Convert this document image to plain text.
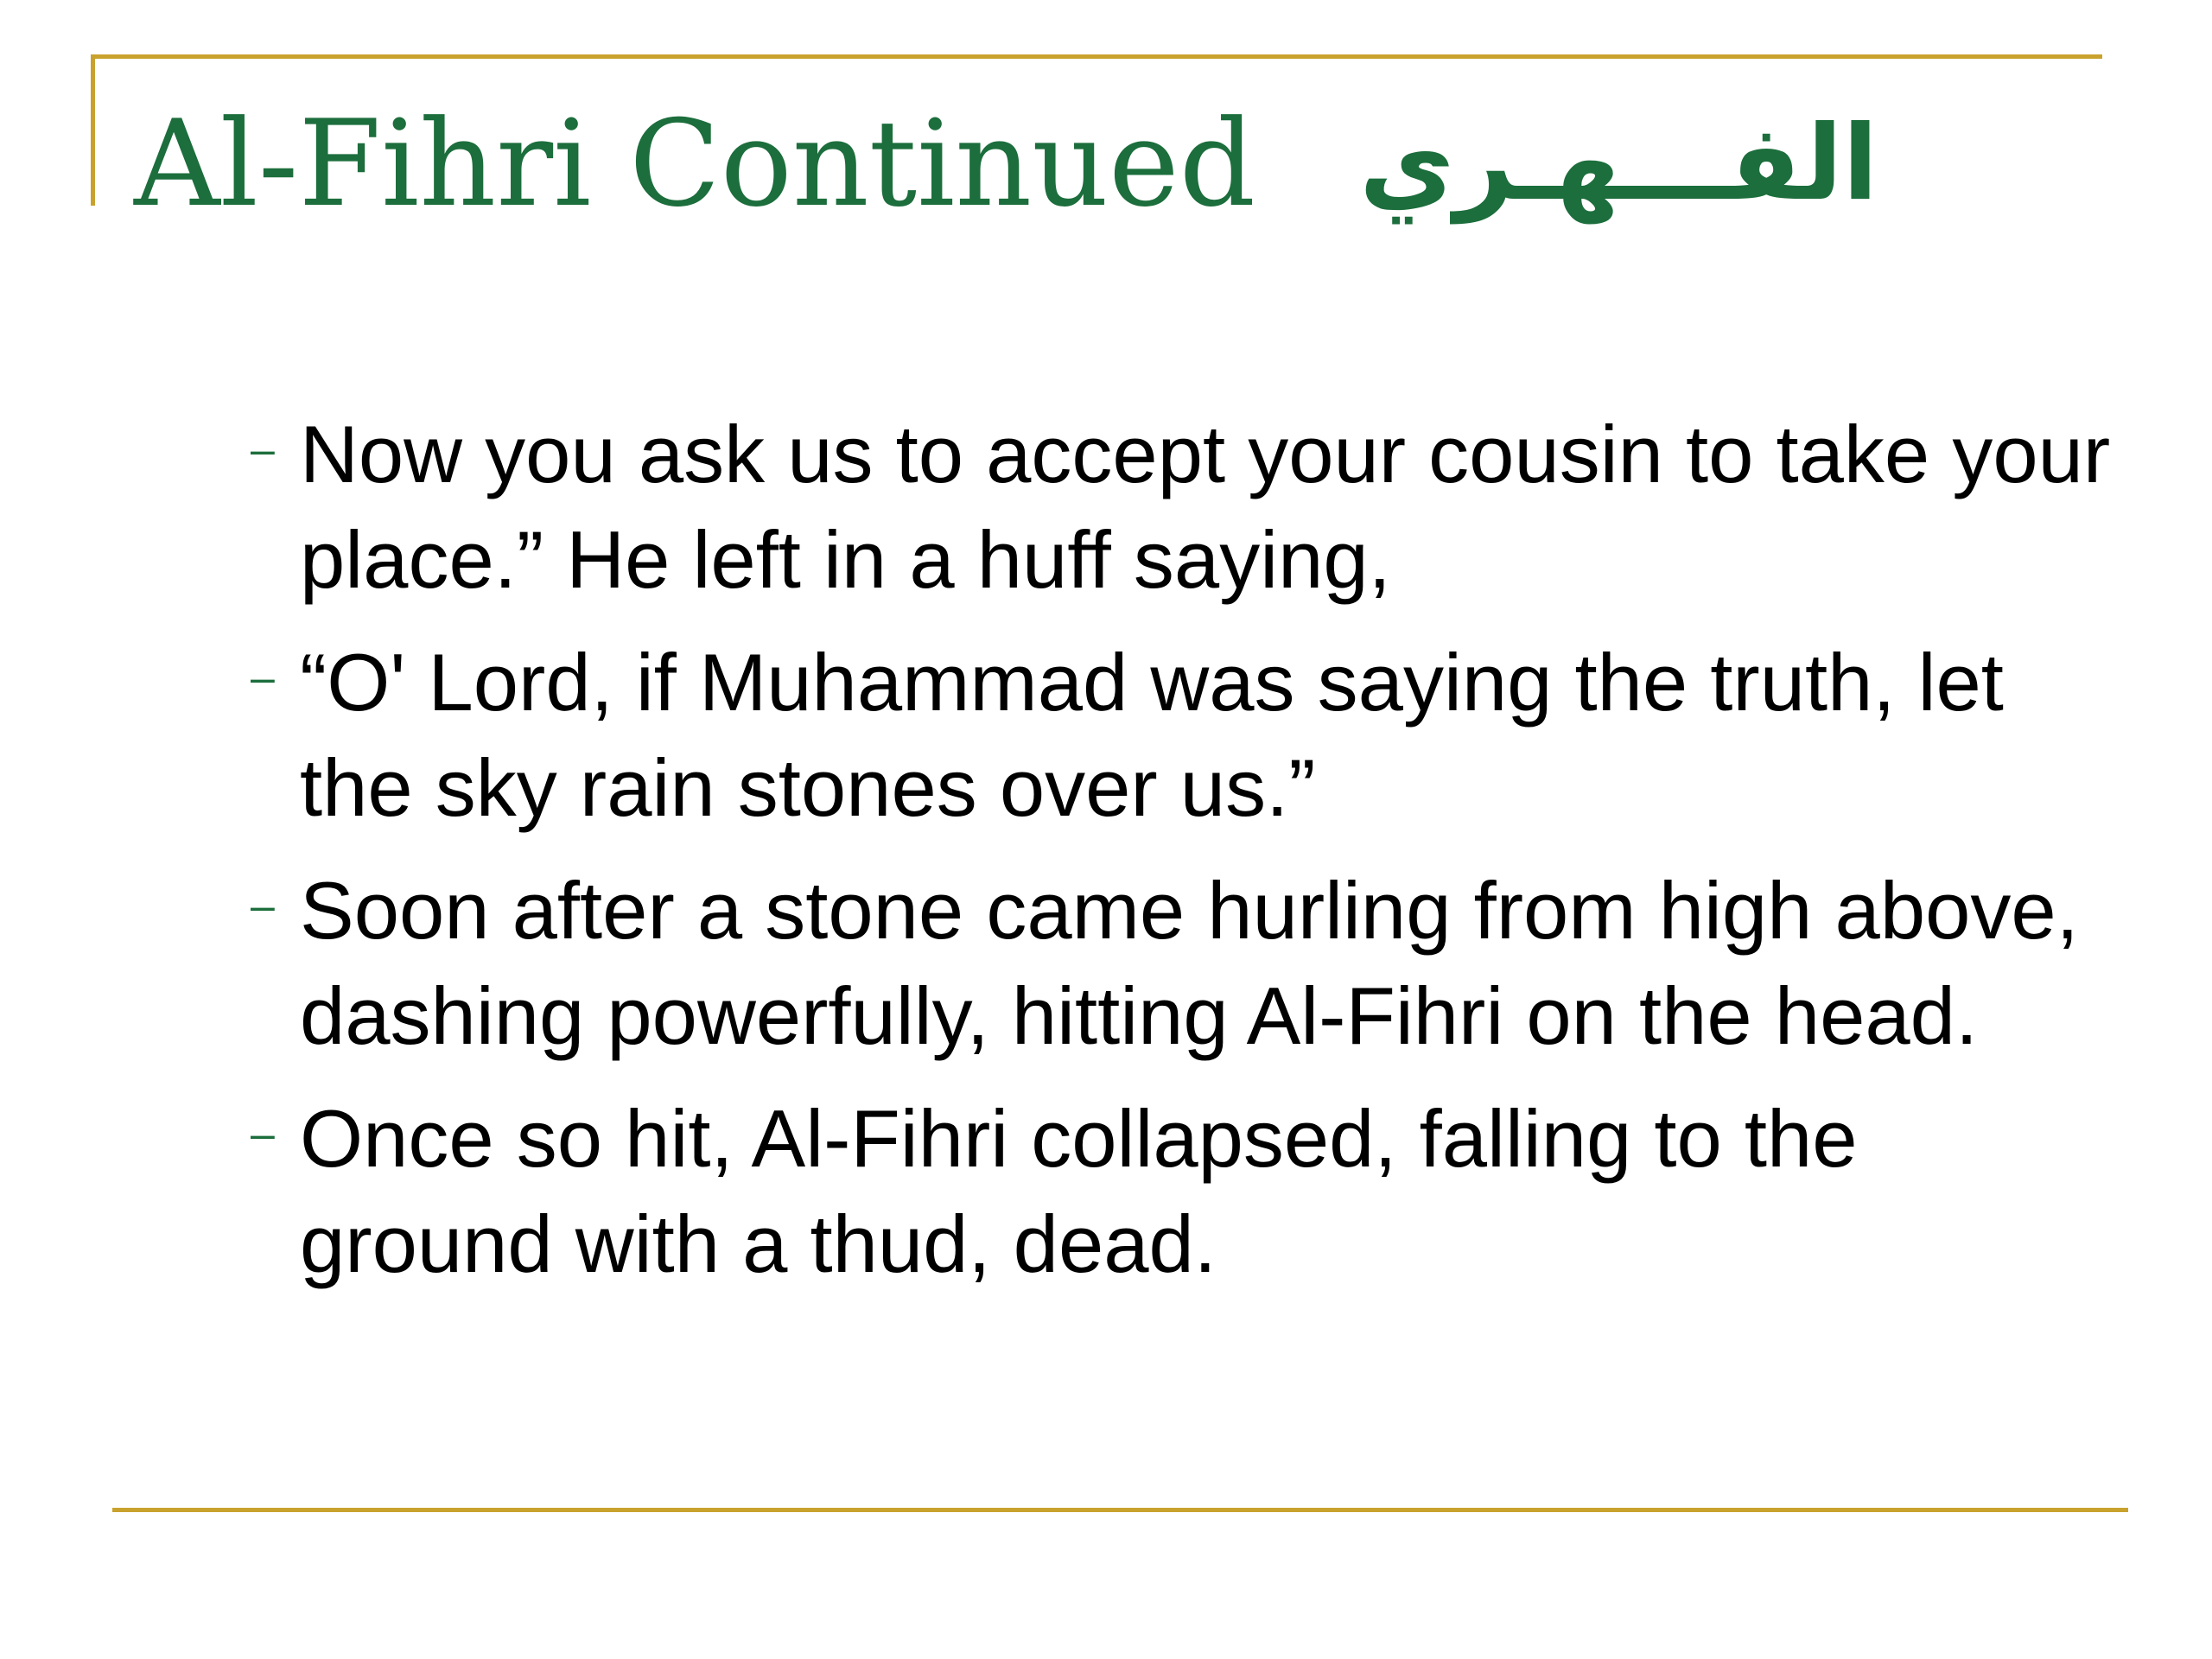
Al-Fihri Continued الفـــهـري
– Now you ask us to accept your cousin to take your place.” He left in a huff saying,
– “O' Lord, if Muhammad was saying the truth, let the sky rain stones over us.”
– Soon after a stone came hurling from high above, dashing powerfully, hitting Al-Fihri on the head.
– Once so hit, Al-Fihri collapsed, falling to the ground with a thud, dead.
